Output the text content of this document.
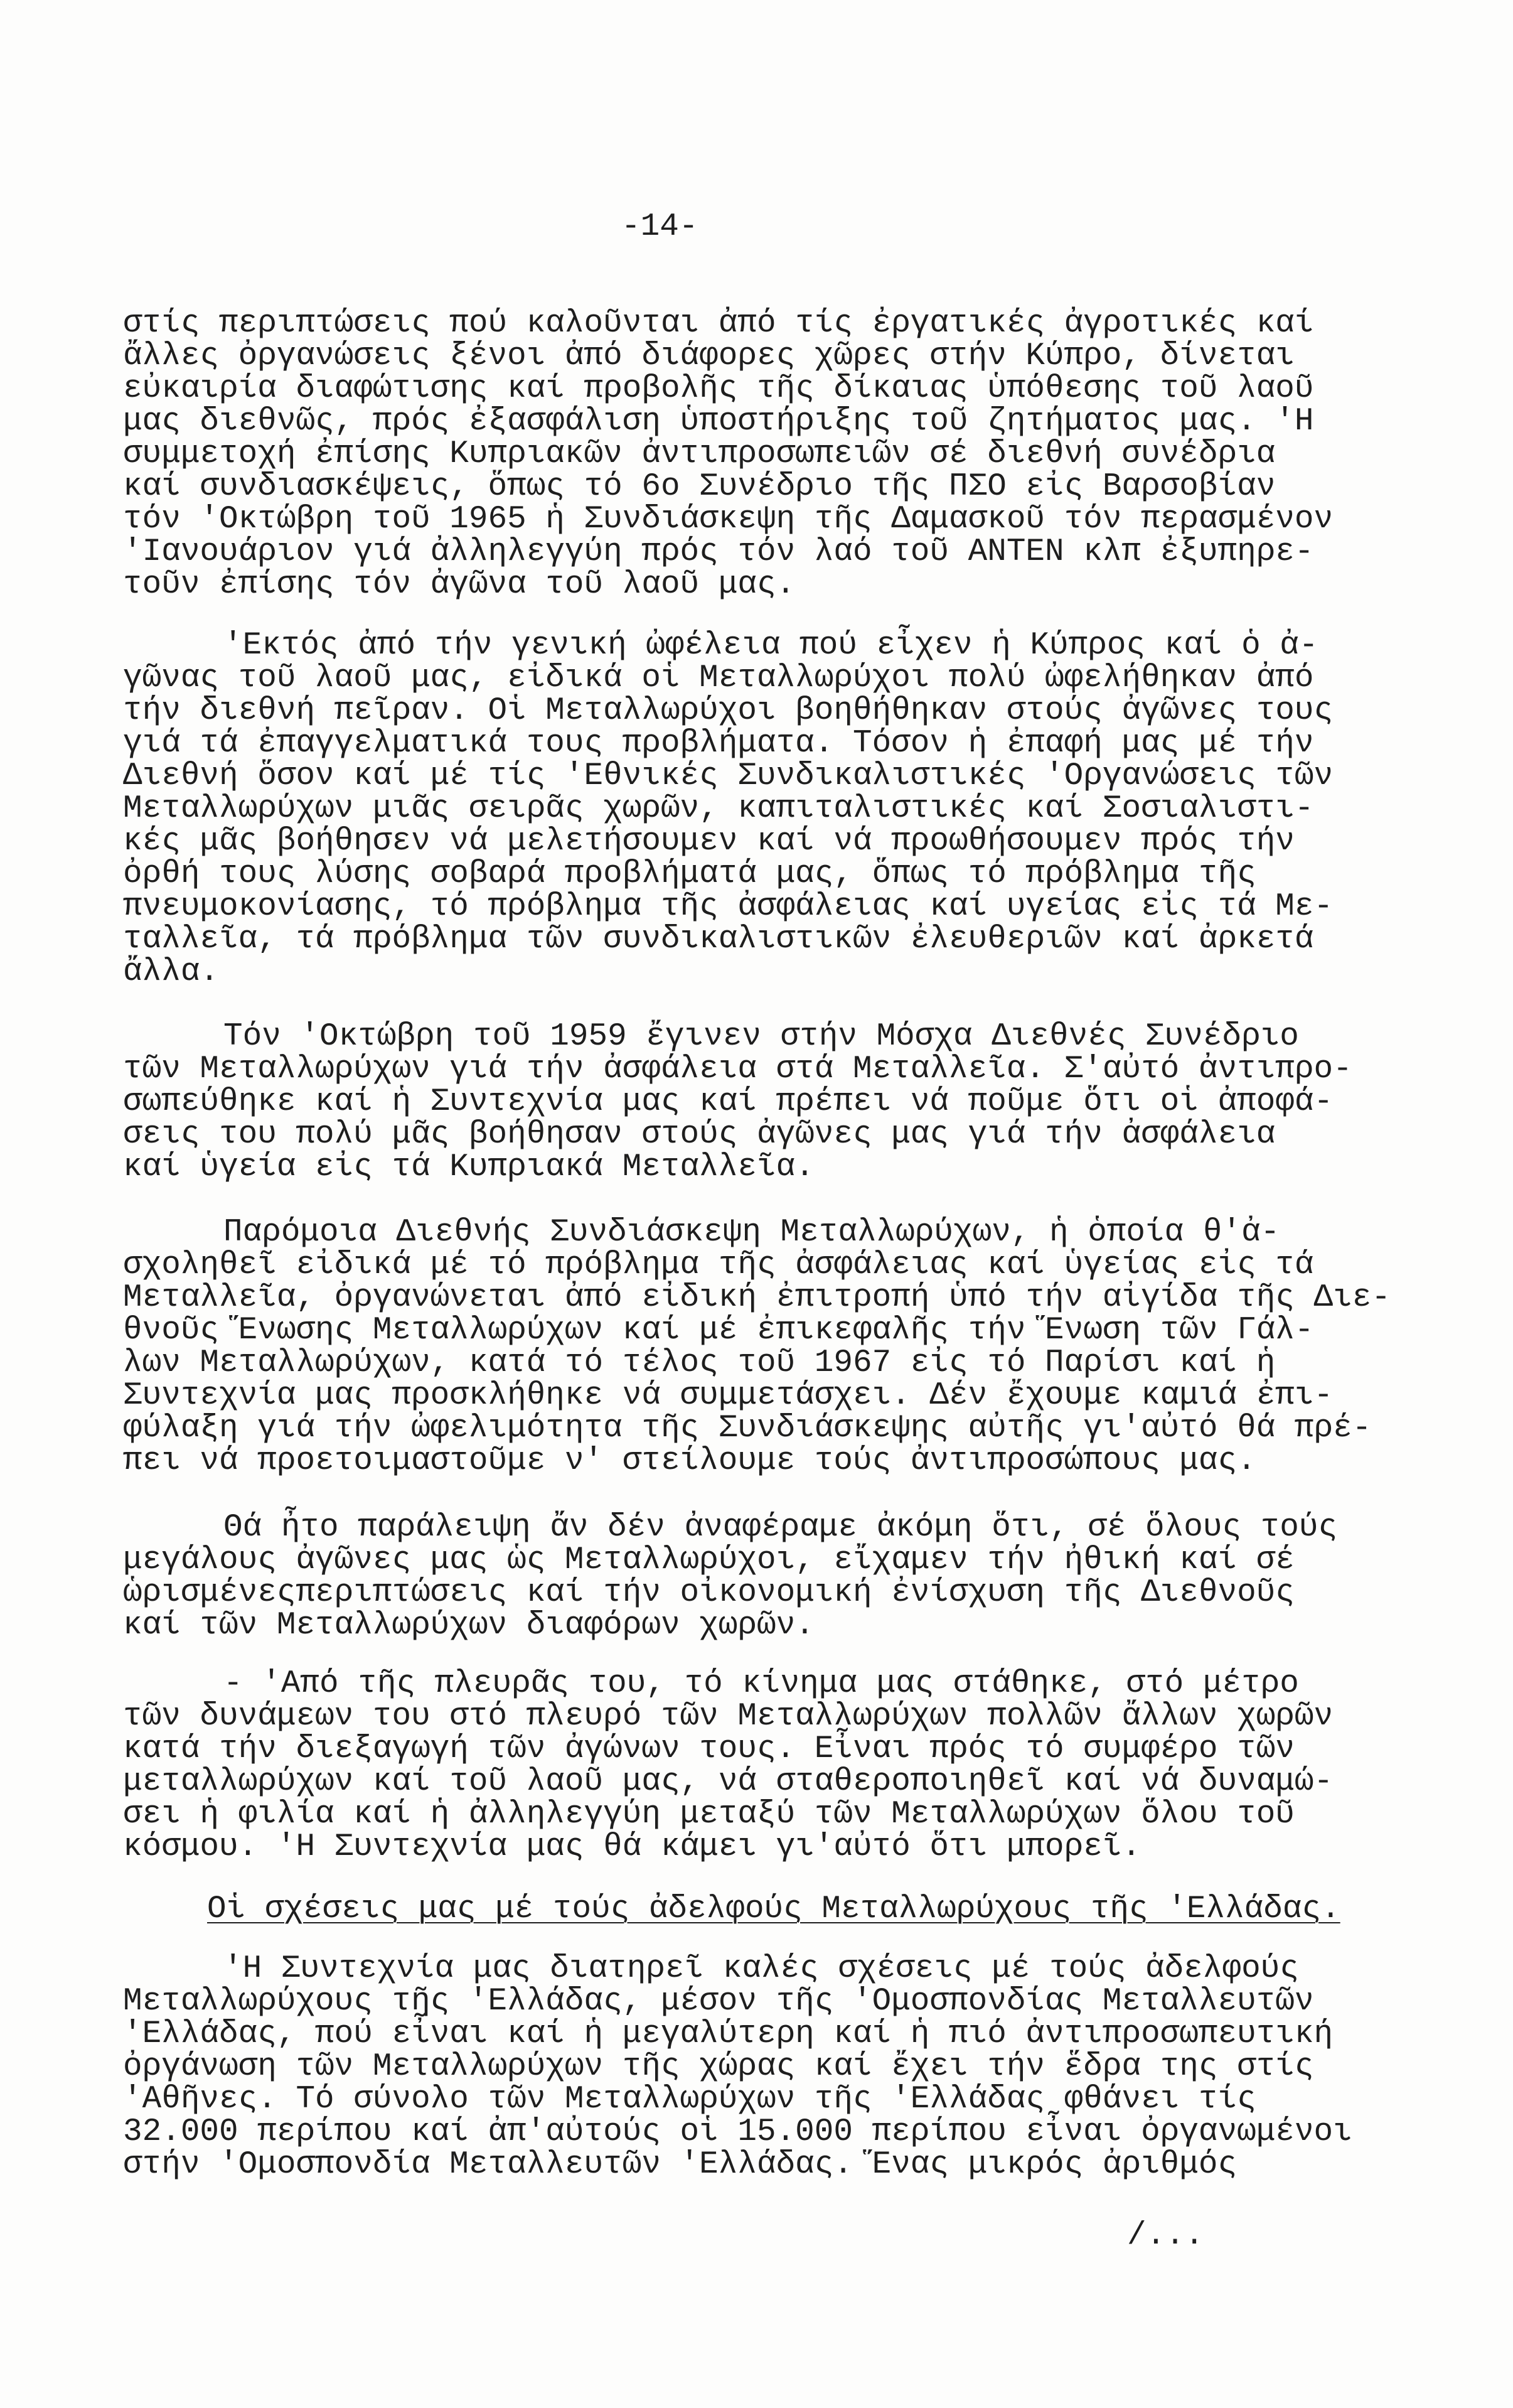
-14-
στίς περιπτώσεις πού καλοῦνται ἀπό τίς ἐργατικές ἀγροτικές καί
ἄλλες ὀργανώσεις ξένοι ἀπό διάφορες χῶρες στήν Κύπρο, δίνεται
εὐκαιρία διαφώτισης καί προβολῆς τῆς δίκαιας ὑπόθεσης τοῦ λαοῦ
μας διεθνῶς, πρός ἐξασφάλιση ὑποστήριξης τοῦ ζητήματος μας. 'Η
συμμετοχή ἐπίσης Κυπριακῶν ἀντιπροσωπειῶν σέ διεθνή συνέδρια
καί συνδιασκέψεις, ὅπως τό 6ο Συνέδριο τῆς ΠΣΟ εἰς Βαρσοβίαν
τόν 'Οκτώβρη τοῦ 1965 ἡ Συνδιάσκεψη τῆς Δαμασκοῦ τόν περασμένον
'Ιανουάριον γιά ἀλληλεγγύη πρός τόν λαό τοῦ ΑΝΤΕΝ κλπ ἐξυπηρε-
τοῦν ἐπίσης τόν ἀγῶνα τοῦ λαοῦ μας.
'Εκτός ἀπό τήν γενική ὠφέλεια πού εἶχεν ἡ Κύπρος καί ὁ ἀ-
γῶνας τοῦ λαοῦ μας, εἰδικά οἱ Μεταλλωρύχοι πολύ ὠφελήθηκαν ἀπό
τήν διεθνή πεῖραν. Οἱ Μεταλλωρύχοι βοηθήθηκαν στούς ἀγῶνες τους
γιά τά ἐπαγγελματικά τους προβλήματα. Τόσον ἡ ἐπαφή μας μέ τήν
Διεθνή ὅσον καί μέ τίς 'Εθνικές Συνδικαλιστικές 'Οργανώσεις τῶν
Μεταλλωρύχων μιᾶς σειρᾶς χωρῶν, καπιταλιστικές καί Σοσιαλιστι-
κές μᾶς βοήθησεν νά μελετήσουμεν καί νά προωθήσουμεν πρός τήν
ὀρθή τους λύσης σοβαρά προβλήματά μας, ὅπως τό πρόβλημα τῆς
πνευμοκονίασης, τό πρόβλημα τῆς ἀσφάλειας καί υγείας εἰς τά Με-
ταλλεῖα, τά πρόβλημα τῶν συνδικαλιστικῶν ἐλευθεριῶν καί ἀρκετά
ἄλλα.
Τόν 'Οκτώβρη τοῦ 1959 ἔγινεν στήν Μόσχα Διεθνές Συνέδριο
τῶν Μεταλλωρύχων γιά τήν ἀσφάλεια στά Μεταλλεῖα. Σ'αὐτό ἀντιπρο-
σωπεύθηκε καί ἡ Συντεχνία μας καί πρέπει νά ποῦμε ὅτι οἱ ἀποφά-
σεις του πολύ μᾶς βοήθησαν στούς ἀγῶνες μας γιά τήν ἀσφάλεια
καί ὑγεία εἰς τά Κυπριακά Μεταλλεῖα.
Παρόμοια Διεθνής Συνδιάσκεψη Μεταλλωρύχων, ἡ ὁποία θ'ἀ-
σχοληθεῖ εἰδικά μέ τό πρόβλημα τῆς ἀσφάλειας καί ὑγείας εἰς τά
Μεταλλεῖα, ὀργανώνεται ἀπό εἰδική ἐπιτροπή ὑπό τήν αἰγίδα τῆς Διε-
θνοῦς Ἕνωσης Μεταλλωρύχων καί μέ ἐπικεφαλῆς τήν Ἕνωση τῶν Γάλ-
λων Μεταλλωρύχων, κατά τό τέλος τοῦ 1967 εἰς τό Παρίσι καί ἡ
Συντεχνία μας προσκλήθηκε νά συμμετάσχει. Δέν ἔχουμε καμιά ἐπι-
φύλαξη γιά τήν ὠφελιμότητα τῆς Συνδιάσκεψης αὐτῆς γι'αὐτό θά πρέ-
πει νά προετοιμαστοῦμε ν' στείλουμε τούς ἀντιπροσώπους μας.
Θά ἦτο παράλειψη ἄν δέν ἀναφέραμε ἀκόμη ὅτι, σέ ὅλους τούς
μεγάλους ἀγῶνες μας ὡς Μεταλλωρύχοι, εἴχαμεν τήν ἠθική καί σέ
ὡρισμένεςπεριπτώσεις καί τήν οἰκονομική ἐνίσχυση τῆς Διεθνοῦς
καί τῶν Μεταλλωρύχων διαφόρων χωρῶν.
- 'Από τῆς πλευρᾶς του, τό κίνημα μας στάθηκε, στό μέτρο
τῶν δυνάμεων του στό πλευρό τῶν Μεταλλωρύχων πολλῶν ἄλλων χωρῶν
κατά τήν διεξαγωγή τῶν ἀγώνων τους. Εἶναι πρός τό συμφέρο τῶν
μεταλλωρύχων καί τοῦ λαοῦ μας, νά σταθεροποιηθεῖ καί νά δυναμώ-
σει ἡ φιλία καί ἡ ἀλληλεγγύη μεταξύ τῶν Μεταλλωρύχων ὅλου τοῦ
κόσμου. 'Η Συντεχνία μας θά κάμει γι'αὐτό ὅτι μπορεῖ.
Οἱ σχέσεις μας μέ τούς ἀδελφούς Μεταλλωρύχους τῆς 'Ελλάδας.
'Η Συντεχνία μας διατηρεῖ καλές σχέσεις μέ τούς ἀδελφούς
Μεταλλωρύχους τῆς 'Ελλάδας, μέσον τῆς 'Ομοσπονδίας Μεταλλευτῶν
'Ελλάδας, πού εἶναι καί ἡ μεγαλύτερη καί ἡ πιό ἀντιπροσωπευτική
ὀργάνωση τῶν Μεταλλωρύχων τῆς χώρας καί ἔχει τήν ἕδρα της στίς
'Αθῆνες. Τό σύνολο τῶν Μεταλλωρύχων τῆς 'Ελλάδας φθάνει τίς
32.000 περίπου καί ἀπ'αὐτούς οἱ 15.000 περίπου εἶναι ὀργανωμένοι
στήν 'Ομοσπονδία Μεταλλευτῶν 'Ελλάδας. Ἕνας μικρός ἀριθμός
/...
